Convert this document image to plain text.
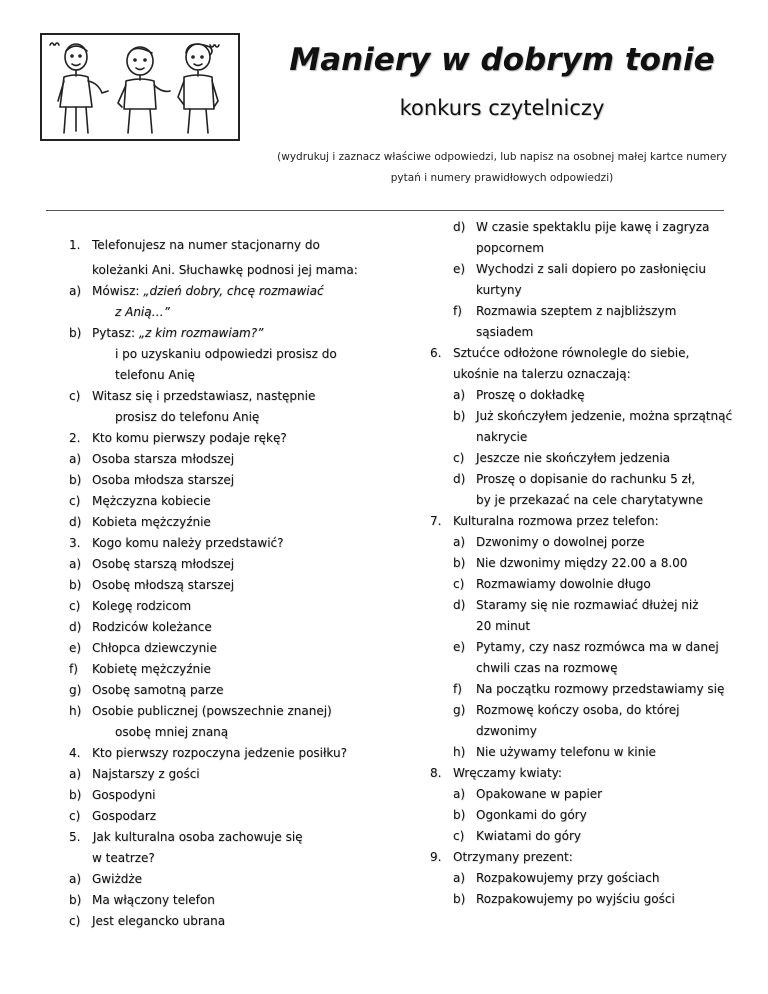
Maniery w dobrym tonie
konkurs czytelniczy
(wydrukuj i zaznacz właściwe odpowiedzi, lub napisz na osobnej małej kartce numery
pytań i numery prawidłowych odpowiedzi)
1. Telefonujesz na numer stacjonarny do
koleżanki Ani. Słuchawkę podnosi jej mama:
a) Mówisz: „dzień dobry, chcę rozmawiać
z Anią…”
b) Pytasz: „z kim rozmawiam?”
i po uzyskaniu odpowiedzi prosisz do
telefonu Anię
c) Witasz się i przedstawiasz, następnie
prosisz do telefonu Anię
2. Kto komu pierwszy podaje rękę?
a) Osoba starsza młodszej
b) Osoba młodsza starszej
c) Mężczyzna kobiecie
d) Kobieta mężczyźnie
3. Kogo komu należy przedstawić?
a) Osobę starszą młodszej
b) Osobę młodszą starszej
c) Kolegę rodzicom
d) Rodziców koleżance
e) Chłopca dziewczynie
f) Kobietę mężczyźnie
g) Osobę samotną parze
h) Osobie publicznej (powszechnie znanej)
osobę mniej znaną
4. Kto pierwszy rozpoczyna jedzenie posiłku?
a) Najstarszy z gości
b) Gospodyni
c) Gospodarz
5. Jak kulturalna osoba zachowuje się
w teatrze?
a) Gwiżdże
b) Ma włączony telefon
c) Jest elegancko ubrana
d) W czasie spektaklu pije kawę i zagryza
popcornem
e) Wychodzi z sali dopiero po zasłonięciu
kurtyny
f) Rozmawia szeptem z najbliższym
sąsiadem
6. Sztućce odłożone równolegle do siebie,
ukośnie na talerzu oznaczają:
a) Proszę o dokładkę
b) Już skończyłem jedzenie, można sprzątnąć
nakrycie
c) Jeszcze nie skończyłem jedzenia
d) Proszę o dopisanie do rachunku 5 zł,
by je przekazać na cele charytatywne
7. Kulturalna rozmowa przez telefon:
a) Dzwonimy o dowolnej porze
b) Nie dzwonimy między 22.00 a 8.00
c) Rozmawiamy dowolnie długo
d) Staramy się nie rozmawiać dłużej niż
20 minut
e) Pytamy, czy nasz rozmówca ma w danej
chwili czas na rozmowę
f) Na początku rozmowy przedstawiamy się
g) Rozmowę kończy osoba, do której
dzwonimy
h) Nie używamy telefonu w kinie
8. Wręczamy kwiaty:
a) Opakowane w papier
b) Ogonkami do góry
c) Kwiatami do góry
9. Otrzymany prezent:
a) Rozpakowujemy przy gościach
b) Rozpakowujemy po wyjściu gości
